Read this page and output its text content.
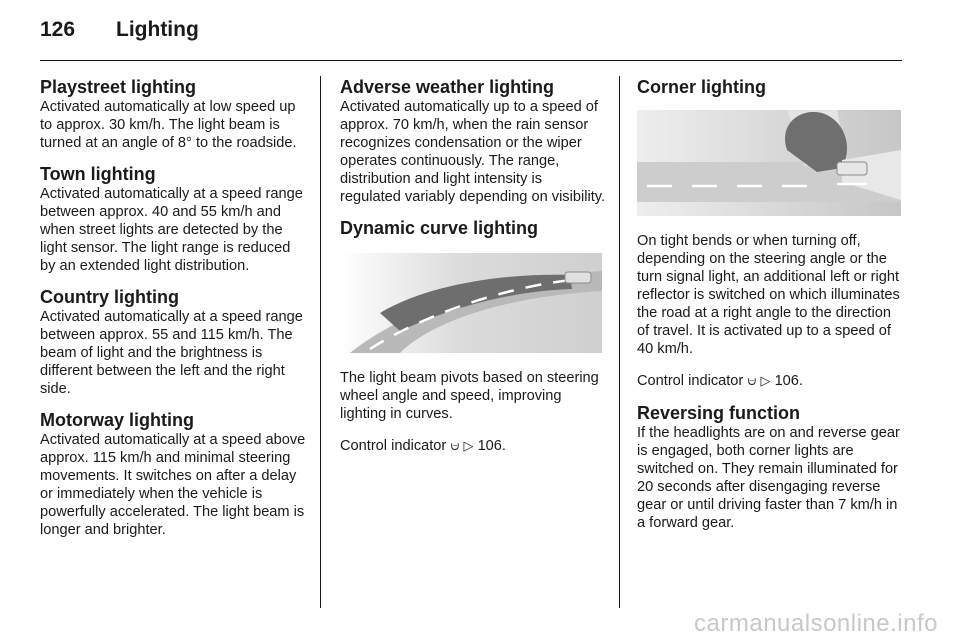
126	Lighting
Playstreet lighting

Activated automatically at low speed up to approx. 30 km/h. The light beam is turned at an angle of 8° to the roadside.

Town lighting

Activated automatically at a speed range between approx. 40 and 55 km/h and when street lights are detected by the light sensor. The light range is reduced by an extended light distribution.

Country lighting

Activated automatically at a speed range between approx. 55 and 115 km/h. The beam of light and the brightness is different between the left and the right side.

Motorway lighting

Activated automatically at a speed above approx. 115 km/h and minimal steering movements. It switches on after a delay or immediately when the vehicle is powerfully accelerated. The light beam is longer and brighter.

Adverse weather lighting

Activated automatically up to a speed of approx. 70 km/h, when the rain sensor recognizes condensation or the wiper operates continuously. The range, distribution and light intensity is regulated variably depending on visibility.

Dynamic curve lighting

The light beam pivots based on steering wheel angle and speed, improving lighting in curves.

Control indicator ⩁ ▷ 106.

Corner lighting

On tight bends or when turning off, depending on the steering angle or the turn signal light, an additional left or right reflector is switched on which illuminates the road at a right angle to the direction of travel. It is activated up to a speed of 40 km/h.

Control indicator ⩁ ▷ 106.

Reversing function

If the headlights are on and reverse gear is engaged, both corner lights are switched on. They remain illuminated for 20 seconds after disengaging reverse gear or until driving faster than 7 km/h in a forward gear.

carmanualsonline.info
